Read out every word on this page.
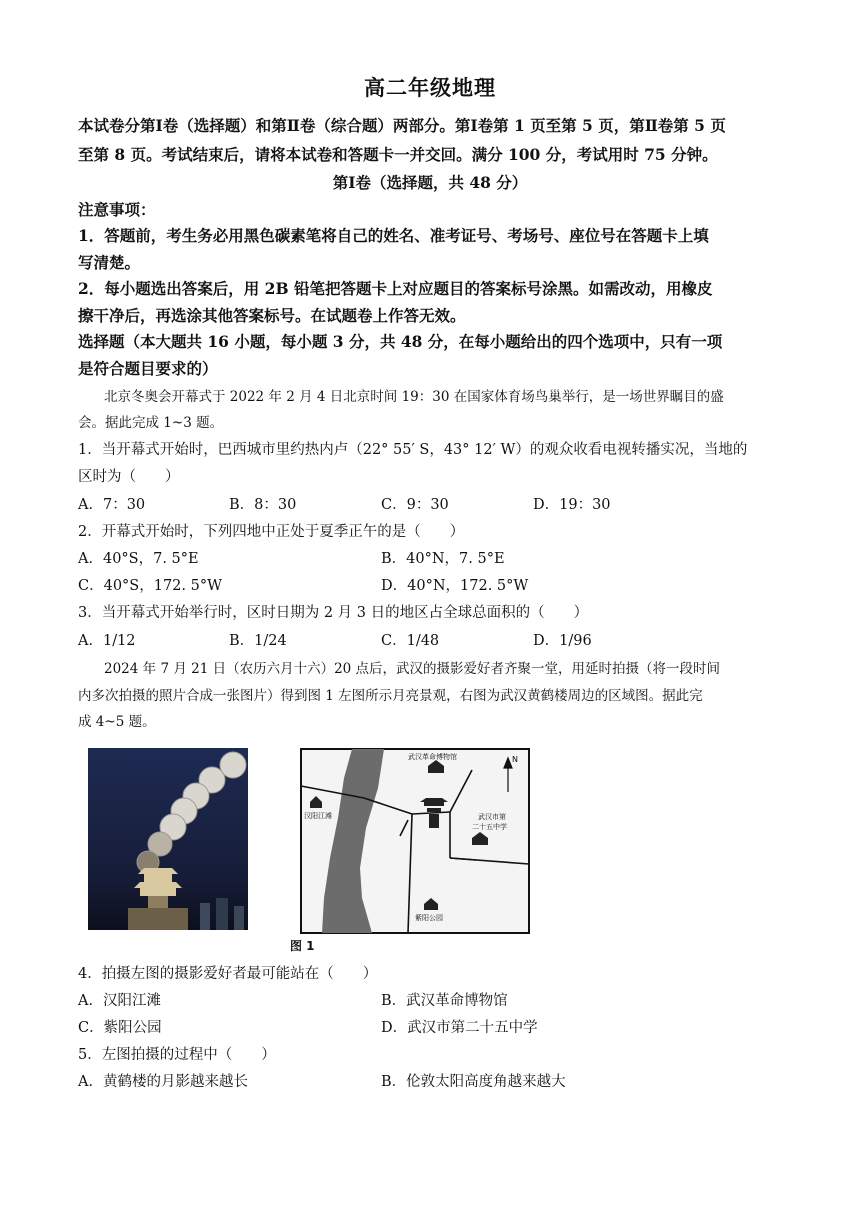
高二年级地理
本试卷分第Ⅰ卷（选择题）和第Ⅱ卷（综合题）两部分。第Ⅰ卷第 1 页至第 5 页，第Ⅱ卷第 5 页
至第 8 页。考试结束后，请将本试卷和答题卡一并交回。满分 100 分，考试用时 75 分钟。
第Ⅰ卷（选择题，共 48 分）
注意事项：
1．答题前，考生务必用黑色碳素笔将自己的姓名、准考证号、考场号、座位号在答题卡上填
写清楚。
2．每小题选出答案后，用 2B 铅笔把答题卡上对应题目的答案标号涂黑。如需改动，用橡皮
擦干净后，再选涂其他答案标号。在试题卷上作答无效。
选择题（本大题共 16 小题，每小题 3 分，共 48 分，在每小题给出的四个选项中，只有一项
是符合题目要求的）
北京冬奥会开幕式于 2022 年 2 月 4 日北京时间 19：30 在国家体育场鸟巢举行，是一场世界瞩目的盛
会。据此完成 1~3 题。
1．当开幕式开始时，巴西城市里约热内卢（22° 55′ S，43° 12′ W）的观众收看电视转播实况，当地的
区时为（　　）
A．7：30	B．8：30	C．9：30	D．19：30
2．开幕式开始时，下列四地中正处于夏季正午的是（　　）
A．40°S，7. 5°E	B．40°N，7. 5°E
C．40°S，172. 5°W	D．40°N，172. 5°W
3．当开幕式开始举行时，区时日期为 2 月 3 日的地区占全球总面积的（　　）
A．1/12	B．1/24	C．1/48	D．1/96
2024 年 7 月 21 日（农历六月十六）20 点后，武汉的摄影爱好者齐聚一堂，用延时拍摄（将一段时间
内多次拍摄的照片合成一张图片）得到图 1 左图所示月亮景观，右图为武汉黄鹤楼周边的区域图。据此完
成 4~5 题。
武汉革命博物馆
汉阳江滩	武汉市第
二十五中学
紫阳公园
N
图 1
4．拍摄左图的摄影爱好者最可能站在（　　）
A．汉阳江滩	B．武汉革命博物馆
C．紫阳公园	D．武汉市第二十五中学
5．左图拍摄的过程中（　　）
A．黄鹤楼的月影越来越长	B．伦敦太阳高度角越来越大
